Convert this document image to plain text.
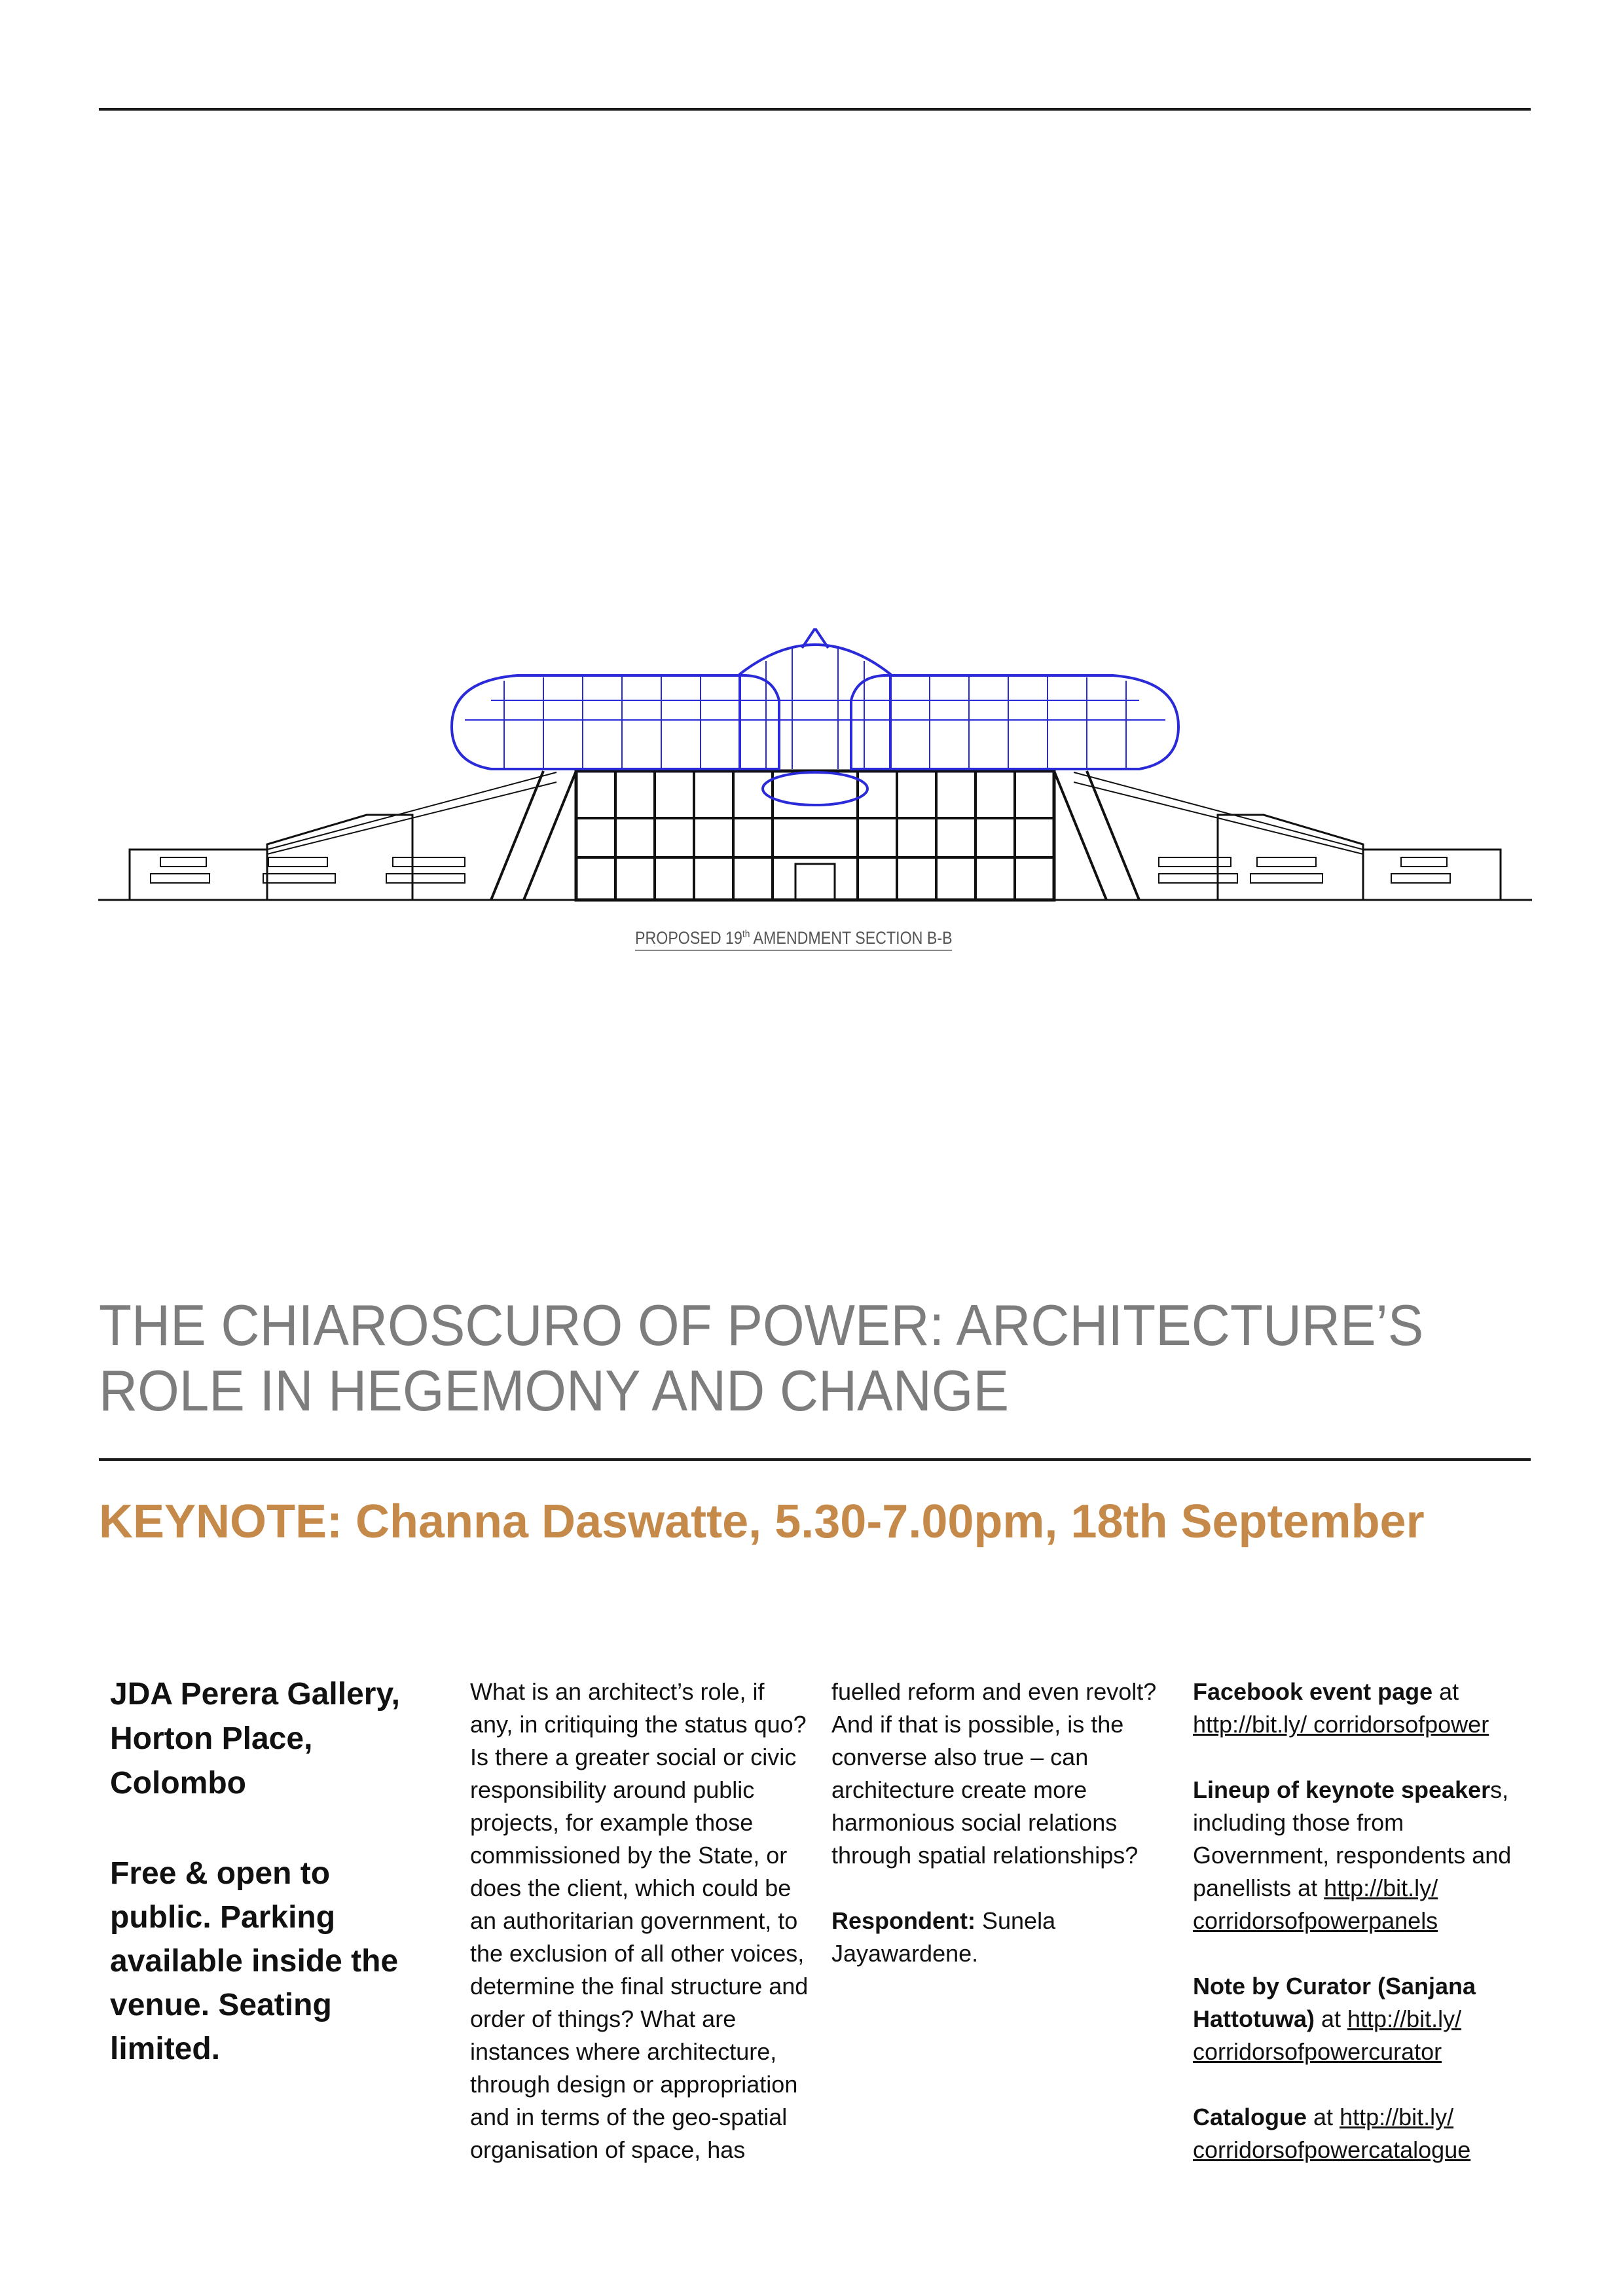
PROPOSED 19th AMENDMENT SECTION B-B
THE CHIAROSCURO OF POWER: ARCHITECTURE’S ROLE IN HEGEMONY AND CHANGE
KEYNOTE: Channa Daswatte, 5.30-7.00pm, 18th September
JDA Perera Gallery,
Horton Place,
Colombo
Free & open to public. Parking available inside the venue. Seating limited.

What is an architect’s role, if any, in critiquing the status quo? Is there a greater social or civic responsibility around public projects, for example those commissioned by the State, or does the client, which could be an authoritarian government, to the exclusion of all other voices, determine the final structure and order of things? What are instances where architecture, through design or appropriation and in terms of the geo-spatial organisation of space, has

fuelled reform and even revolt? And if that is possible, is the converse also true – can architecture create more harmonious social relations through spatial relationships?

Respondent: Sunela Jayawardene.

Facebook event page at
http://bit.ly/ corridorsofpower

Lineup of keynote speakers, including those from Government, respondents and panellists at http://bit.ly/ corridorsofpowerpanels

Note by Curator (Sanjana Hattotuwa) at http://bit.ly/ corridorsofpowercurator

Catalogue at http://bit.ly/ corridorsofpowercatalogue
